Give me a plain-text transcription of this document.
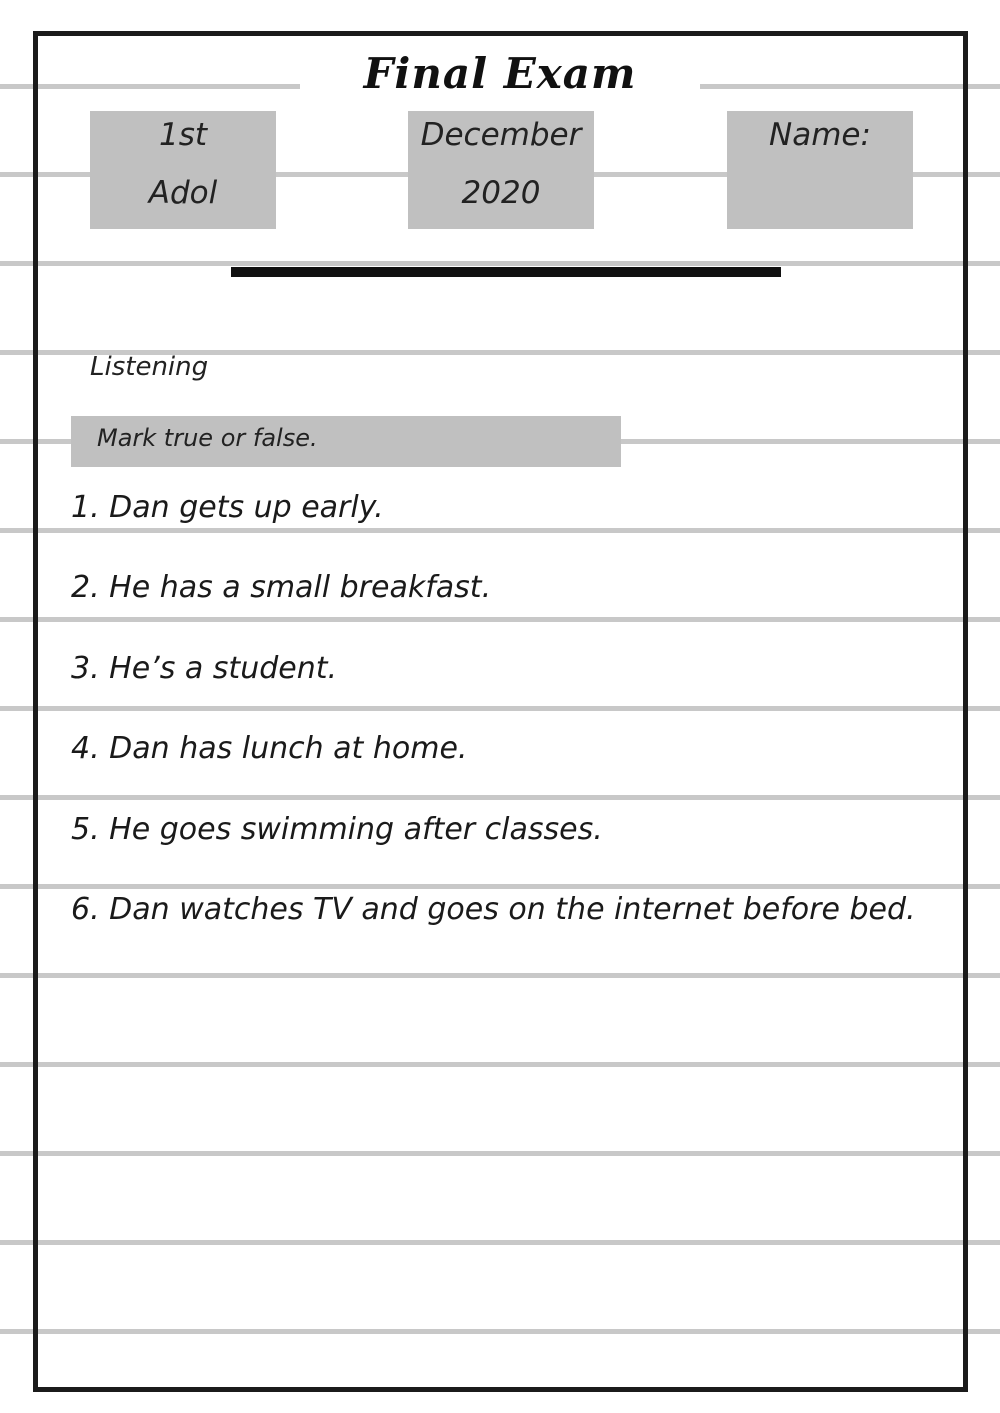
Final Exam
1st
Adol
December
2020
Name:
Listening
Mark true or false.
1. Dan gets up early.
2. He has a small breakfast.
3. He’s a student.
4. Dan has lunch at home.
5. He goes swimming after classes.
6. Dan watches TV and goes on the internet before bed.
